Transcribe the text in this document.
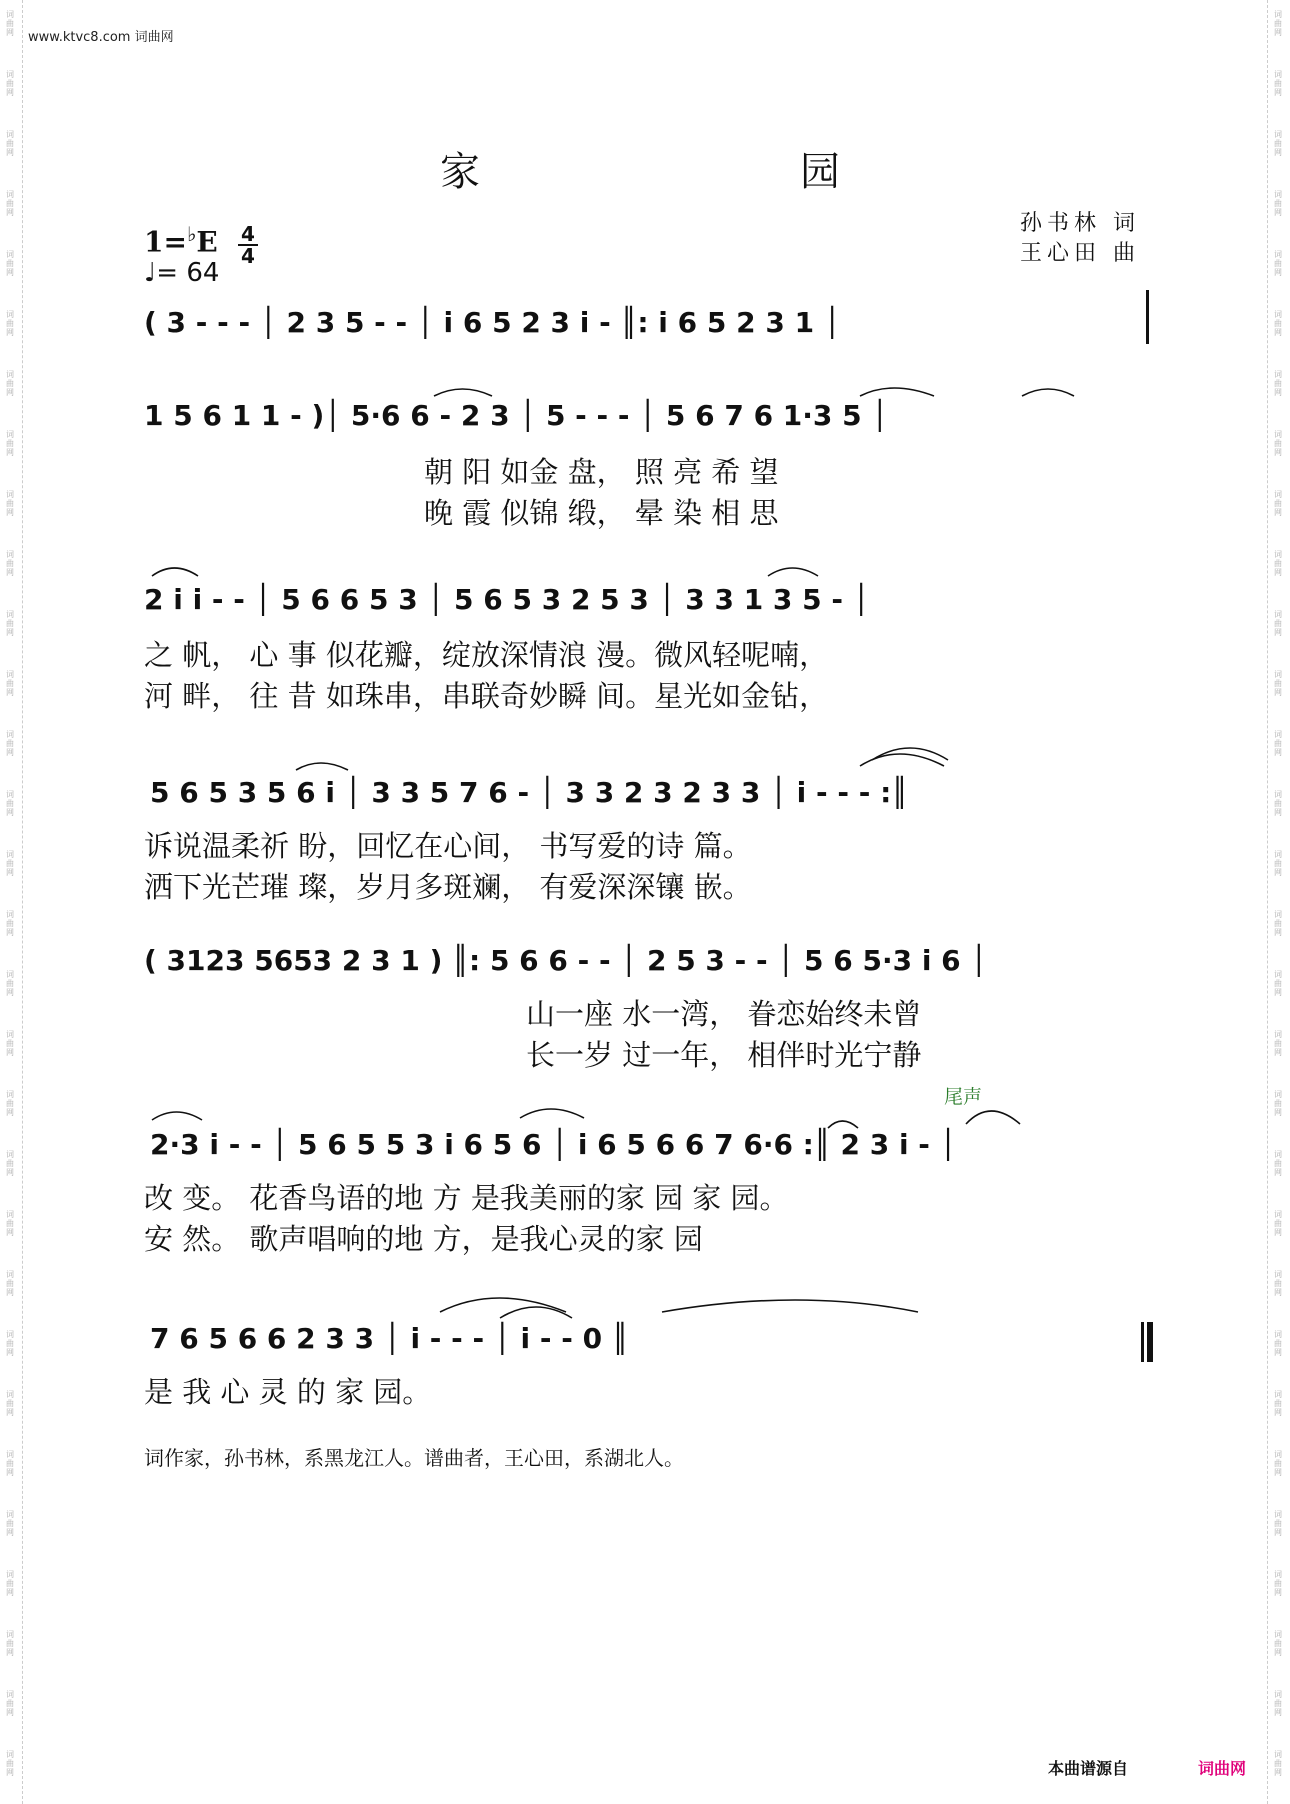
词曲网
词曲网
词曲网
词曲网
词曲网
词曲网
词曲网
词曲网
词曲网
词曲网
词曲网
词曲网
词曲网
词曲网
词曲网
词曲网
词曲网
词曲网
词曲网
词曲网
词曲网
词曲网
词曲网
词曲网
词曲网
词曲网
词曲网
词曲网
词曲网
词曲网
词曲网
词曲网
词曲网
词曲网
词曲网
词曲网
词曲网
词曲网
词曲网
词曲网
词曲网
词曲网
词曲网
词曲网
词曲网
词曲网
词曲网
词曲网
词曲网
词曲网
词曲网
词曲网
词曲网
词曲网
词曲网
词曲网
词曲网
词曲网
词曲网
词曲网
www.ktvc8.com 词曲网
家	园
孙书林 词
王心田 曲
1=♭E 4
4
♩= 64
( 3 - - - │ 2 3 5 - - │ i 6 5 2 3 i - ║: i 6 5 2 3 1 │
1 5 6 1 1 - )│ 5·6 6 - 2 3 │ 5 - - - │ 5 6 7 6 1·3 5 │
朝 阳 如金 盘， 照 亮 希 望
晚 霞 似锦 缎， 晕 染 相 思
2 i i - - │ 5 6 6 5 3 │ 5 6 5 3 2 5 3 │ 3 3 1 3 5 - │
之 帆， 心 事 似花瓣，绽放深情浪 漫。微风轻呢喃，
河 畔， 往 昔 如珠串，串联奇妙瞬 间。星光如金钻，
5 6 5 3 5 6 i │ 3 3 5 7 6 - │ 3 3 2 3 2 3 3 │ i - - - :║
诉说温柔祈 盼，回忆在心间， 书写爱的诗 篇。
洒下光芒璀 璨，岁月多斑斓， 有爱深深镶 嵌。
( 3123 5653 2 3 1 ) ║: 5 6 6 - - │ 2 5 3 - - │ 5 6 5·3 i 6 │
山一座 水一湾， 眷恋始终未曾
长一岁 过一年， 相伴时光宁静
尾声
2·3 i - - │ 5 6 5 5 3 i 6 5 6 │ i 6 5 6 6 7 6·6 :║ 2 3 i - │
改 变。 花香鸟语的地 方 是我美丽的家 园 家 园。
安 然。 歌声唱响的地 方，是我心灵的家 园
7 6 5 6 6 2 3 3 │ i - - - │ i - - 0 ║
是 我 心 灵 的 家 园。
词作家，孙书林，系黑龙江人。谱曲者，王心田，系湖北人。
本曲谱源自	词曲网
